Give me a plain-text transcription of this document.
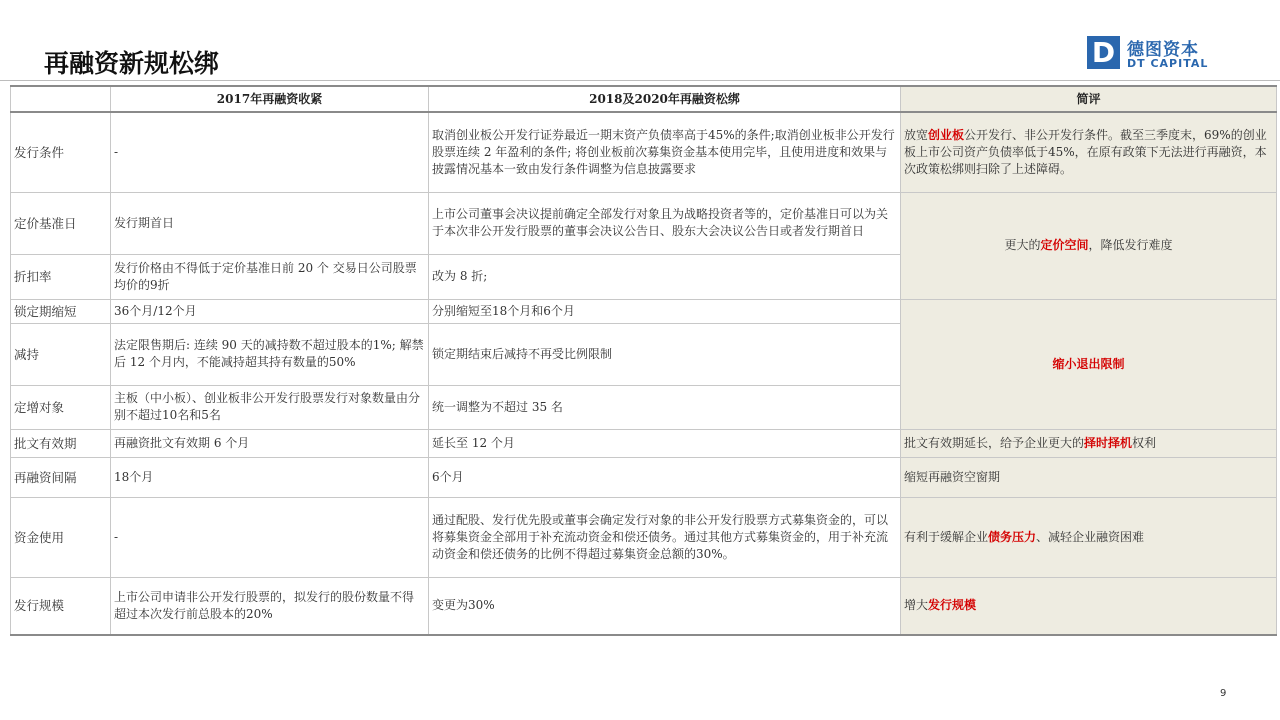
再融资新规松绑	D 德图资本
DT CAPITAL
	2017年再融资收紧	2018及2020年再融资松绑	简评
发行条件	-	取消创业板公开发行证券最近一期末资产负债率高于45%的条件;取消创业板非公开发行股票连续 2 年盈利的条件; 将创业板前次募集资金基本使用完毕，且使用进度和效果与披露情况基本一致由发行条件调整为信息披露要求	放宽创业板公开发行、非公开发行条件。截至三季度末，69%的创业板上市公司资产负债率低于45%，在原有政策下无法进行再融资，本次政策松绑则扫除了上述障碍。
定价基准日	发行期首日	上市公司董事会决议提前确定全部发行对象且为战略投资者等的，定价基准日可以为关于本次非公开发行股票的董事会决议公告日、股东大会决议公告日或者发行期首日	更大的定价空间，降低发行难度
折扣率	发行价格由不得低于定价基准日前 20 个 交易日公司股票均价的9折	改为 8 折;	
锁定期缩短	36个月/12个月	分别缩短至18个月和6个月	缩小退出限制
减持	法定限售期后: 连续 90 天的减持数不超过股本的1%; 解禁后 12 个月内，不能减持超其持有数量的50%	锁定期结束后减持不再受比例限制	
定增对象	主板（中小板）、创业板非公开发行股票发行对象数量由分别不超过10名和5名	统一调整为不超过 35 名	
批文有效期	再融资批文有效期 6 个月	延长至 12 个月	批文有效期延长，给予企业更大的择时择机权利
再融资间隔	18个月	6个月	缩短再融资空窗期
资金使用	-	通过配股、发行优先股或董事会确定发行对象的非公开发行股票方式募集资金的，可以将募集资金全部用于补充流动资金和偿还债务。通过其他方式募集资金的，用于补充流动资金和偿还债务的比例不得超过募集资金总额的30%。	有利于缓解企业债务压力、减轻企业融资困难
发行规模	上市公司申请非公开发行股票的，拟发行的股份数量不得超过本次发行前总股本的20%	变更为30%	增大发行规模
9
